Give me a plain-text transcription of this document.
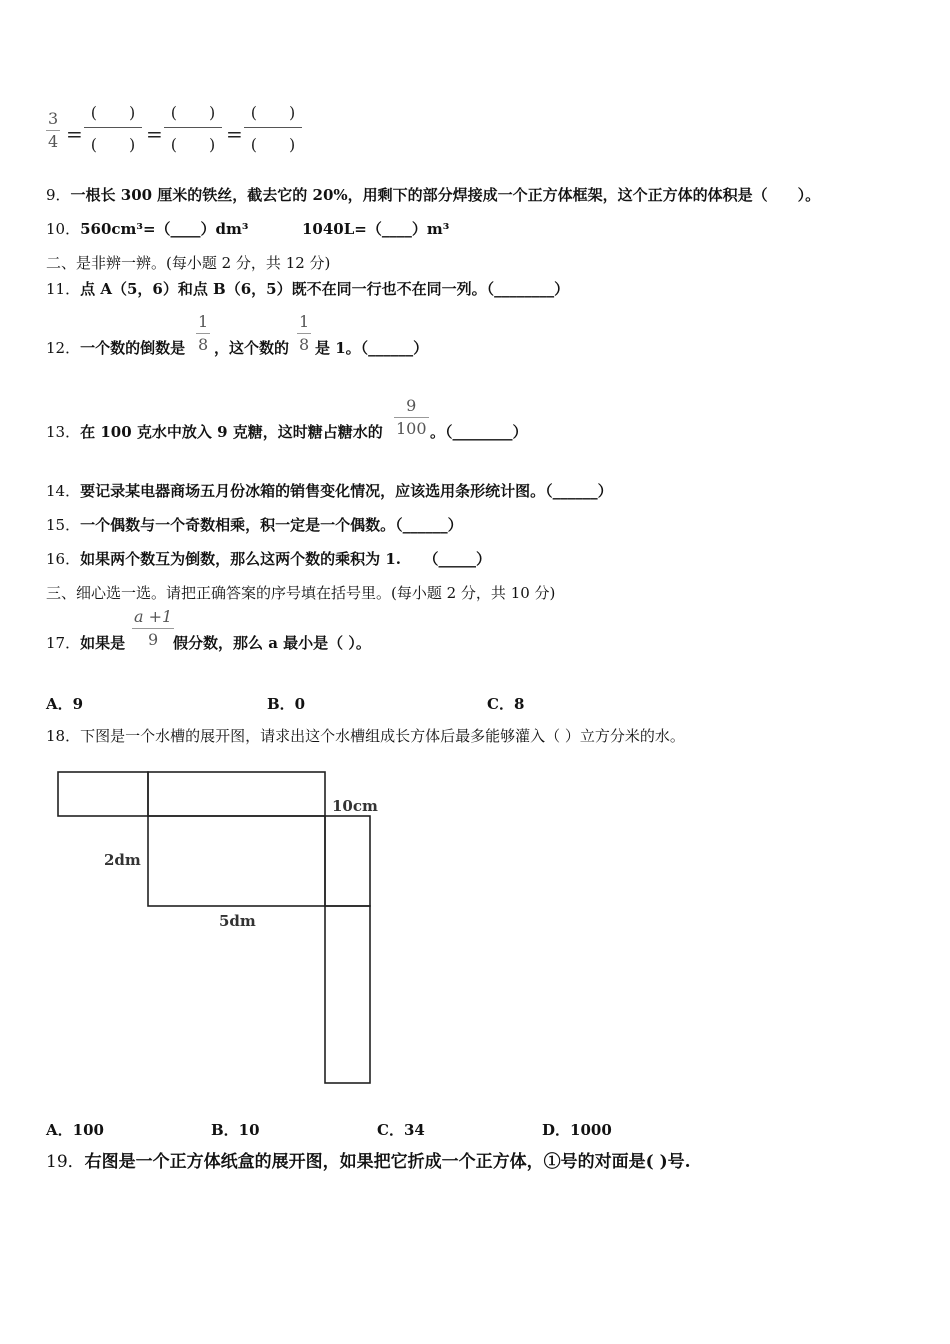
3
4 =
(　　)
(　　) =
(　　)
(　　) =
(　　)
(　　)
9．一根长 300 厘米的铁丝，截去它的 20%，用剩下的部分焊接成一个正方体框架，这个正方体的体积是（　　）。
10．560cm³=（____）dm³	1040L=（____）m³
二、是非辨一辨。(每小题 2 分，共 12 分)
11．点 A（5，6）和点 B（6，5）既不在同一行也不在同一列。（________）
12．一个数的倒数是
1
8 ，这个数的
1
8 是 1。（______）
13．在 100 克水中放入 9 克糖，这时糖占糖水的
9
100 。（________）
14．要记录某电器商场五月份冰箱的销售变化情况，应该选用条形统计图。（______）
15．一个偶数与一个奇数相乘，积一定是一个偶数。（______）
16．如果两个数互为倒数，那么这两个数的乘积为 1.　　（_____）
三、细心选一选。请把正确答案的序号填在括号里。(每小题 2 分，共 10 分)
17．如果是
a +1
9 假分数，那么 a 最小是（ ）。
A．9	B．0	C．8
18．下图是一个水槽的展开图，请求出这个水槽组成长方体后最多能够灌入（ ）立方分米的水。
10cm
2dm
5dm
A．100	B．10	C．34	D．1000
19．右图是一个正方体纸盒的展开图，如果把它折成一个正方体，①号的对面是( )号.
